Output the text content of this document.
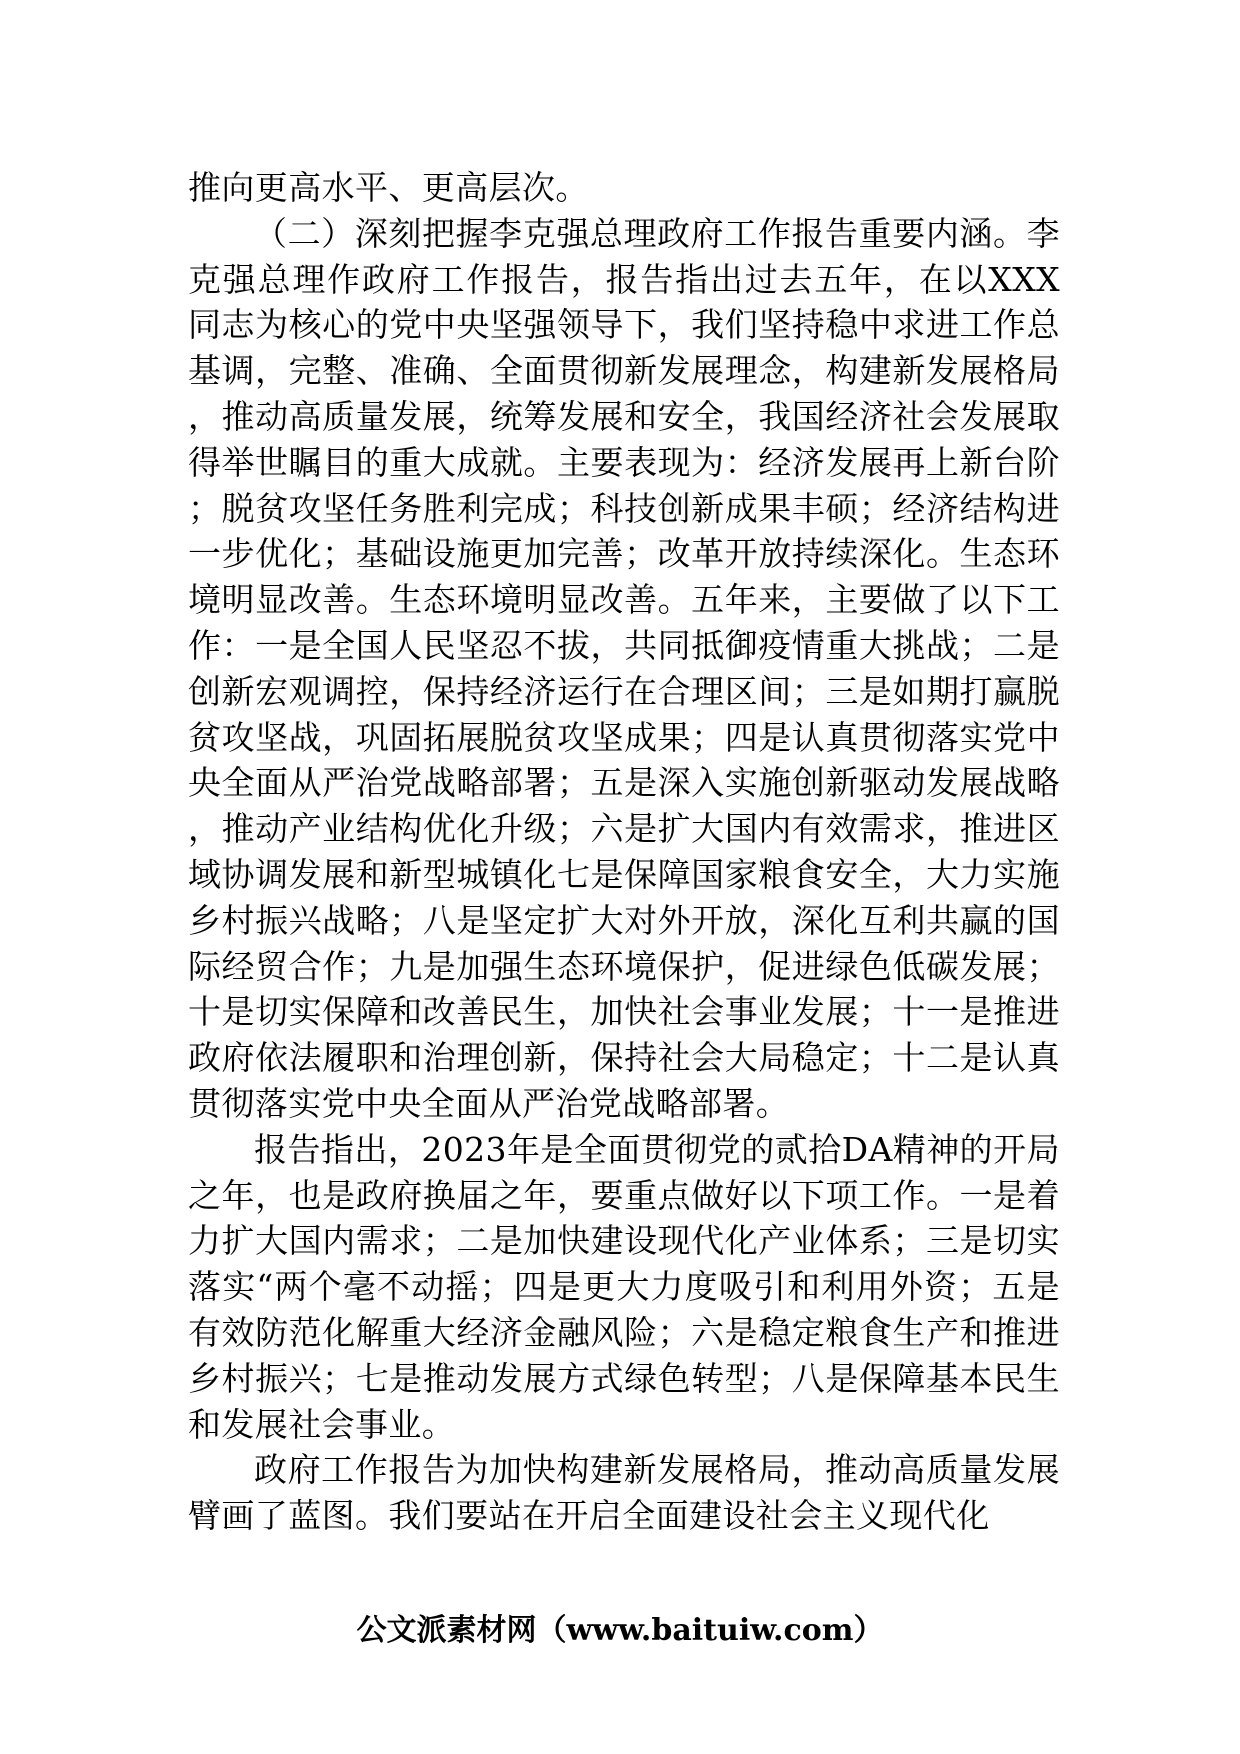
推向更高水平、更高层次。

（二）深刻把握李克强总理政府工作报告重要内涵。李克强总理作政府工作报告，报告指出过去五年，在以XXX同志为核心的党中央坚强领导下，我们坚持稳中求进工作总基调，完整、准确、全面贯彻新发展理念，构建新发展格局，推动高质量发展，统筹发展和安全，我国经济社会发展取得举世瞩目的重大成就。主要表现为：经济发展再上新台阶；脱贫攻坚任务胜利完成；科技创新成果丰硕；经济结构进一步优化；基础设施更加完善；改革开放持续深化。生态环境明显改善。生态环境明显改善。五年来，主要做了以下工作：一是全国人民坚忍不拔，共同抵御疫情重大挑战；二是创新宏观调控，保持经济运行在合理区间；三是如期打赢脱贫攻坚战，巩固拓展脱贫攻坚成果；四是认真贯彻落实党中央全面从严治党战略部署；五是深入实施创新驱动发展战略，推动产业结构优化升级；六是扩大国内有效需求，推进区域协调发展和新型城镇化七是保障国家粮食安全，大力实施乡村振兴战略；八是坚定扩大对外开放，深化互利共赢的国际经贸合作；九是加强生态环境保护，促进绿色低碳发展；十是切实保障和改善民生，加快社会事业发展；十一是推进政府依法履职和治理创新，保持社会大局稳定；十二是认真贯彻落实党中央全面从严治党战略部署。

报告指出，2023年是全面贯彻党的贰拾DA精神的开局之年，也是政府换届之年，要重点做好以下项工作。一是着力扩大国内需求；二是加快建设现代化产业体系；三是切实落实“两个毫不动摇；四是更大力度吸引和利用外资；五是有效防范化解重大经济金融风险；六是稳定粮食生产和推进乡村振兴；七是推动发展方式绿色转型；八是保障基本民生和发展社会事业。

政府工作报告为加快构建新发展格局，推动高质量发展臂画了蓝图。我们要站在开启全面建设社会主义现代化

公文派素材网（www.baituiw.com）
